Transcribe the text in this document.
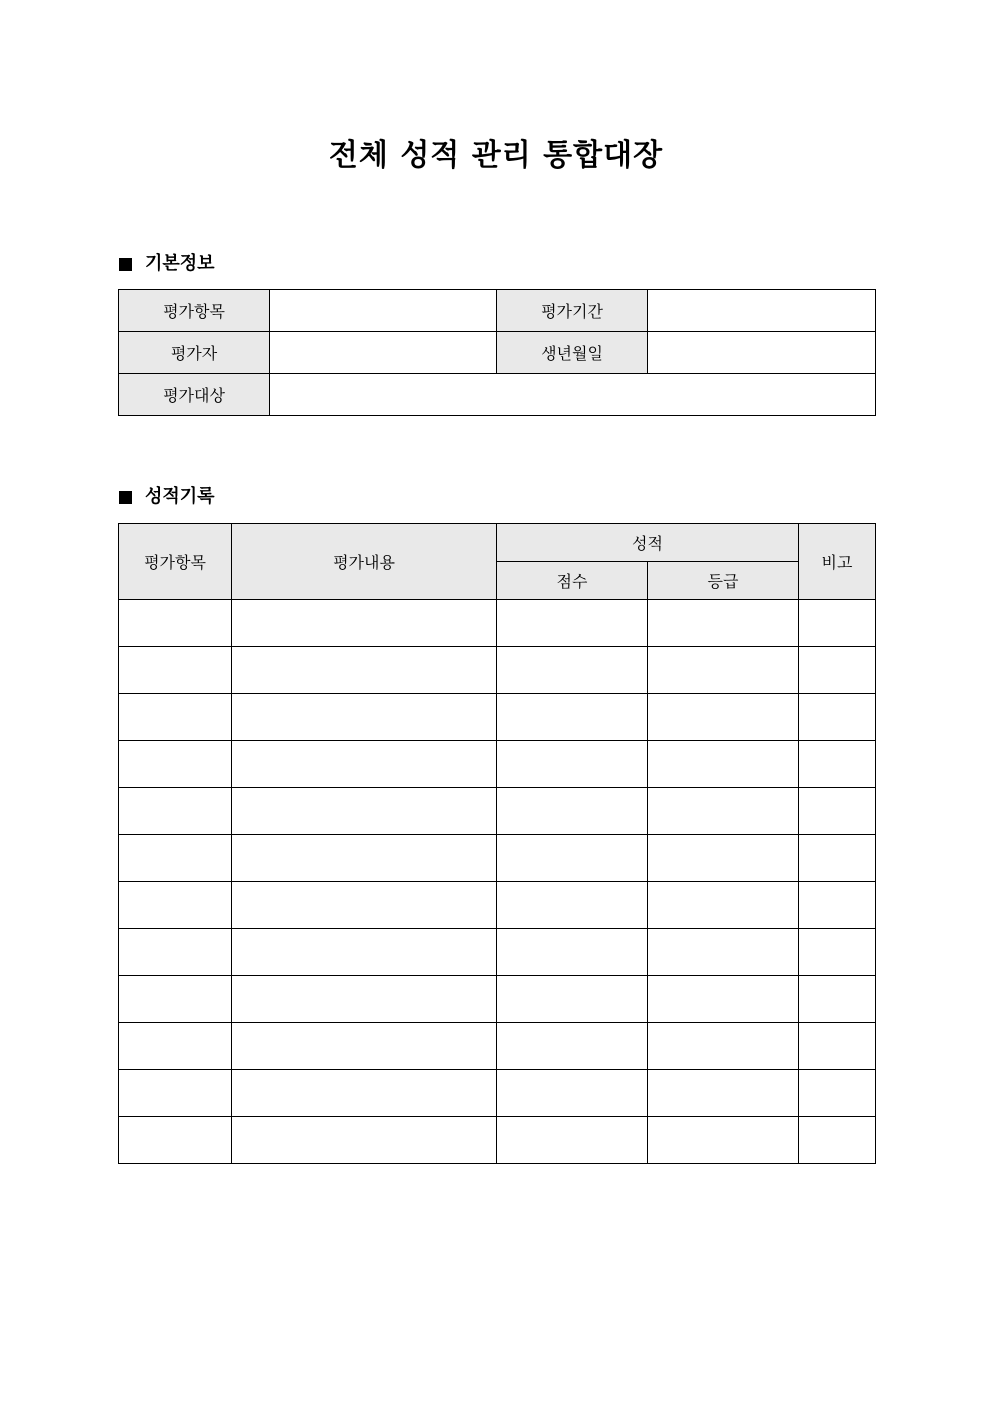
전체 성적 관리 통합대장
기본정보
평가항목		평가기간	
평가자		생년월일	
평가대상			
성적기록
평가항목	평가내용	성적		비고
		점수	등급	
